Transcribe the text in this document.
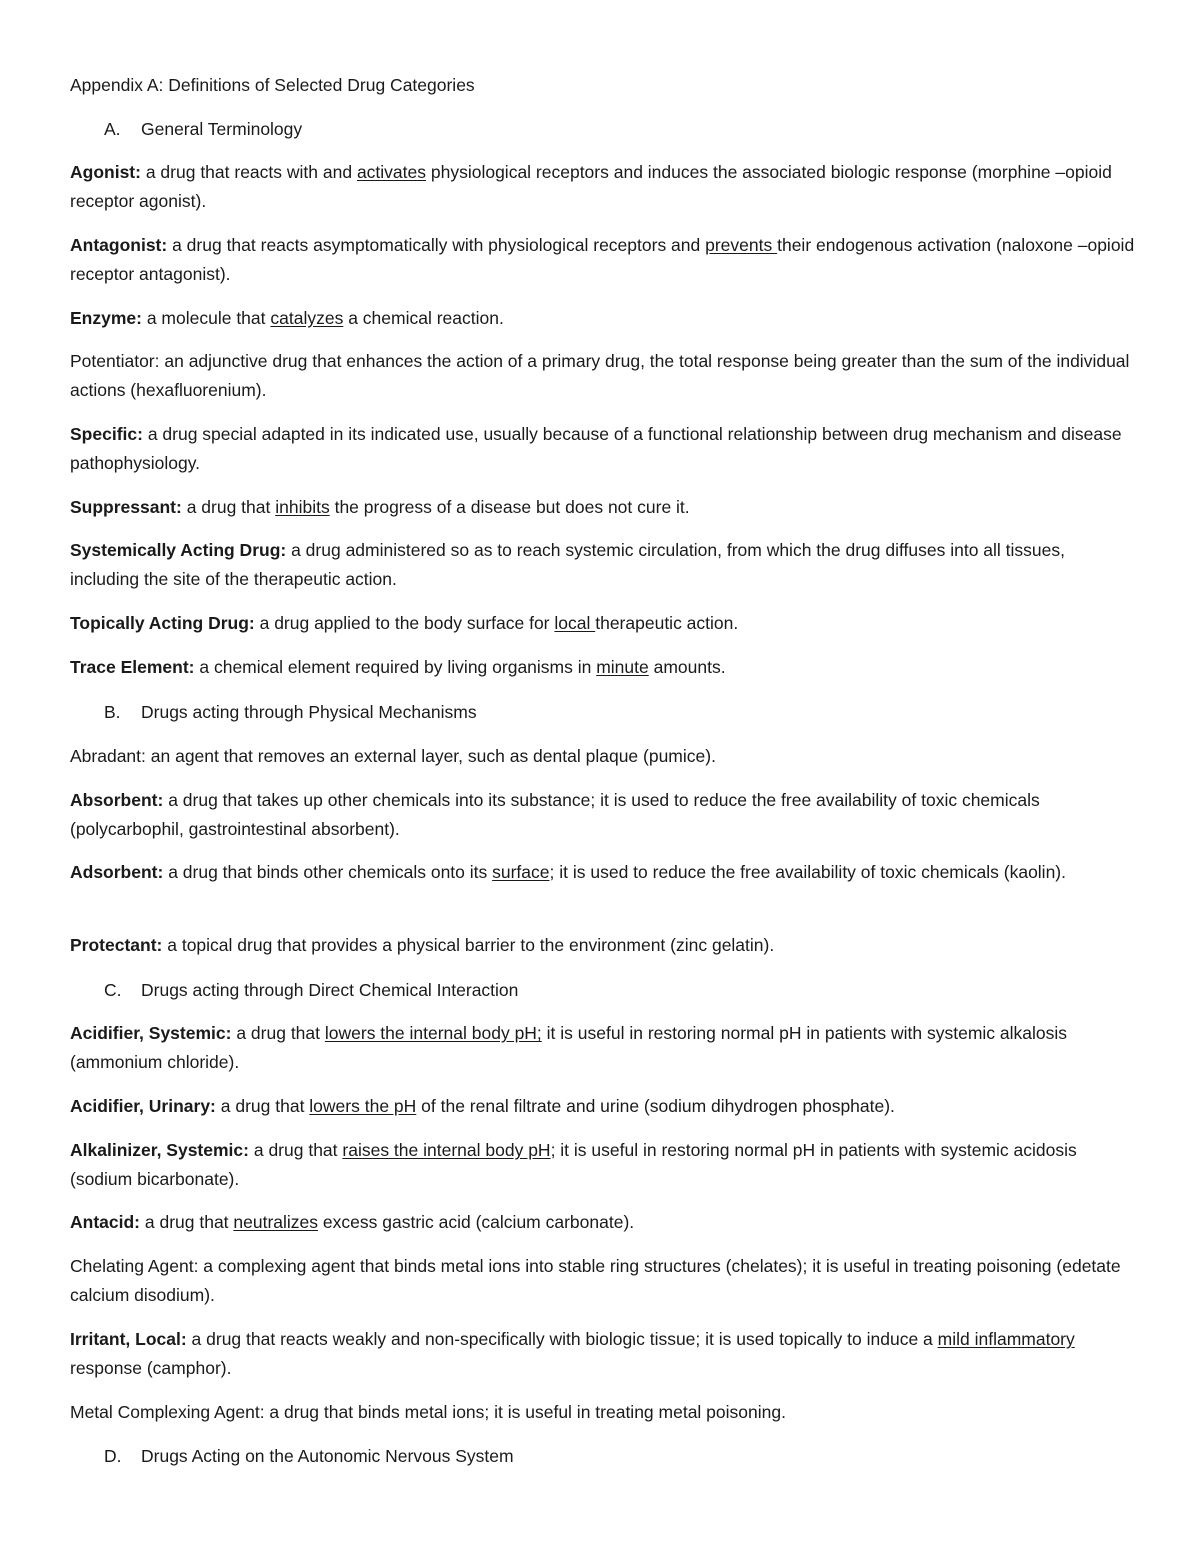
Appendix A: Definitions of Selected Drug Categories
A. General Terminology
Agonist: a drug that reacts with and activates physiological receptors and induces the associated biologic response (morphine –opioid receptor agonist).
Antagonist: a drug that reacts asymptomatically with physiological receptors and prevents their endogenous activation (naloxone –opioid receptor antagonist).
Enzyme: a molecule that catalyzes a chemical reaction.
Potentiator: an adjunctive drug that enhances the action of a primary drug, the total response being greater than the sum of the individual actions (hexafluorenium).
Specific: a drug special adapted in its indicated use, usually because of a functional relationship between drug mechanism and disease pathophysiology.
Suppressant: a drug that inhibits the progress of a disease but does not cure it.
Systemically Acting Drug: a drug administered so as to reach systemic circulation, from which the drug diffuses into all tissues, including the site of the therapeutic action.
Topically Acting Drug: a drug applied to the body surface for local therapeutic action.
Trace Element: a chemical element required by living organisms in minute amounts.
B. Drugs acting through Physical Mechanisms
Abradant: an agent that removes an external layer, such as dental plaque (pumice).
Absorbent: a drug that takes up other chemicals into its substance; it is used to reduce the free availability of toxic chemicals (polycarbophil, gastrointestinal absorbent).
Adsorbent: a drug that binds other chemicals onto its surface; it is used to reduce the free availability of toxic chemicals (kaolin).
Protectant: a topical drug that provides a physical barrier to the environment (zinc gelatin).
C. Drugs acting through Direct Chemical Interaction
Acidifier, Systemic: a drug that lowers the internal body pH; it is useful in restoring normal pH in patients with systemic alkalosis (ammonium chloride).
Acidifier, Urinary: a drug that lowers the pH of the renal filtrate and urine (sodium dihydrogen phosphate).
Alkalinizer, Systemic: a drug that raises the internal body pH; it is useful in restoring normal pH in patients with systemic acidosis (sodium bicarbonate).
Antacid: a drug that neutralizes excess gastric acid (calcium carbonate).
Chelating Agent: a complexing agent that binds metal ions into stable ring structures (chelates); it is useful in treating poisoning (edetate calcium disodium).
Irritant, Local: a drug that reacts weakly and non-specifically with biologic tissue; it is used topically to induce a mild inflammatory response (camphor).
Metal Complexing Agent: a drug that binds metal ions; it is useful in treating metal poisoning.
D. Drugs Acting on the Autonomic Nervous System
